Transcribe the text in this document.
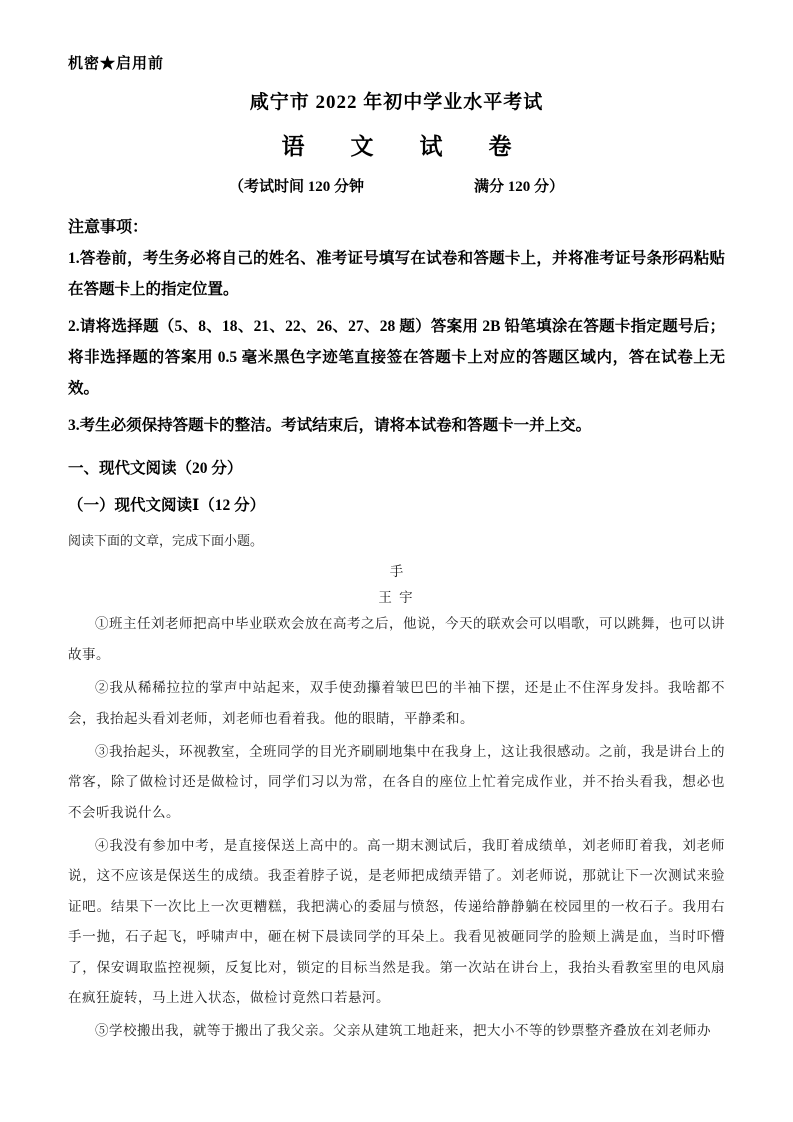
机密★启用前
咸宁市 2022 年初中学业水平考试
语　　文　　试　　卷
（考试时间 120 分钟	满分 120 分）
注意事项：

1.答卷前，考生务必将自己的姓名、准考证号填写在试卷和答题卡上，并将准考证号条形码粘贴在答题卡上的指定位置。

2.请将选择题（5、8、18、21、22、26、27、28 题）答案用 2B 铅笔填涂在答题卡指定题号后；将非选择题的答案用 0.5 毫米黑色字迹笔直接签在答题卡上对应的答题区域内，答在试卷上无效。

3.考生必须保持答题卡的整洁。考试结束后，请将本试卷和答题卡一并上交。

一、现代文阅读（20 分）
（一）现代文阅读Ⅰ（12 分）

阅读下面的文章，完成下面小题。

手
王 宇

①班主任刘老师把高中毕业联欢会放在高考之后，他说，今天的联欢会可以唱歌，可以跳舞，也可以讲故事。

②我从稀稀拉拉的掌声中站起来，双手使劲攥着皱巴巴的半袖下摆，还是止不住浑身发抖。我啥都不会，我抬起头看刘老师，刘老师也看着我。他的眼睛，平静柔和。

③我抬起头，环视教室，全班同学的目光齐刷刷地集中在我身上，这让我很感动。之前，我是讲台上的常客，除了做检讨还是做检讨，同学们习以为常，在各自的座位上忙着完成作业，并不抬头看我，想必也不会听我说什么。

④我没有参加中考，是直接保送上高中的。高一期末测试后，我盯着成绩单，刘老师盯着我，刘老师说，这不应该是保送生的成绩。我歪着脖子说，是老师把成绩弄错了。刘老师说，那就让下一次测试来验证吧。结果下一次比上一次更糟糕，我把满心的委屈与愤怒，传递给静静躺在校园里的一枚石子。我用右手一抛，石子起飞，呼啸声中，砸在树下晨读同学的耳朵上。我看见被砸同学的脸颊上满是血，当时吓懵了，保安调取监控视频，反复比对，锁定的目标当然是我。第一次站在讲台上，我抬头看教室里的电风扇在疯狂旋转，马上进入状态，做检讨竟然口若悬河。

⑤学校搬出我，就等于搬出了我父亲。父亲从建筑工地赶来，把大小不等的钞票整齐叠放在刘老师办
